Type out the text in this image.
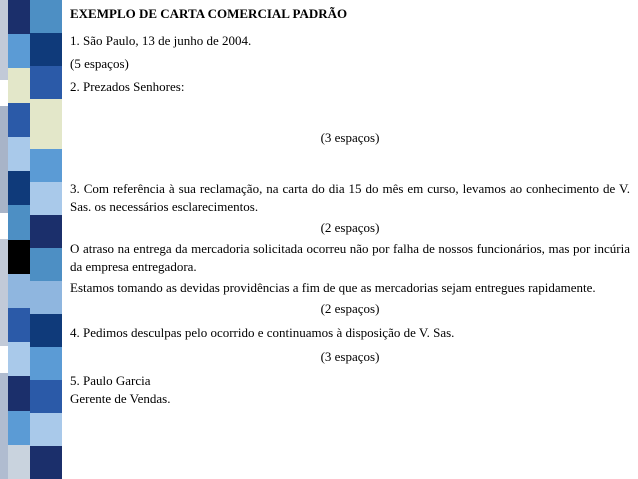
EXEMPLO DE CARTA COMERCIAL PADRÃO

1. São Paulo, 13 de junho de 2004.

(5 espaços)

2. Prezados Senhores:

(3 espaços)

3. Com referência à sua reclamação, na carta do dia 15 do mês em curso, levamos ao conhecimento de V. Sas. os necessários esclarecimentos.

(2 espaços)

O atraso na entrega da mercadoria solicitada ocorreu não por falha de nossos funcionários, mas por incúria da empresa entregadora.

Estamos tomando as devidas providências a fim de que as mercadorias sejam entregues rapidamente.

(2 espaços)

4. Pedimos desculpas pelo ocorrido e continuamos à disposição de V. Sas.

(3 espaços)

5. Paulo Garcia

Gerente de Vendas.
